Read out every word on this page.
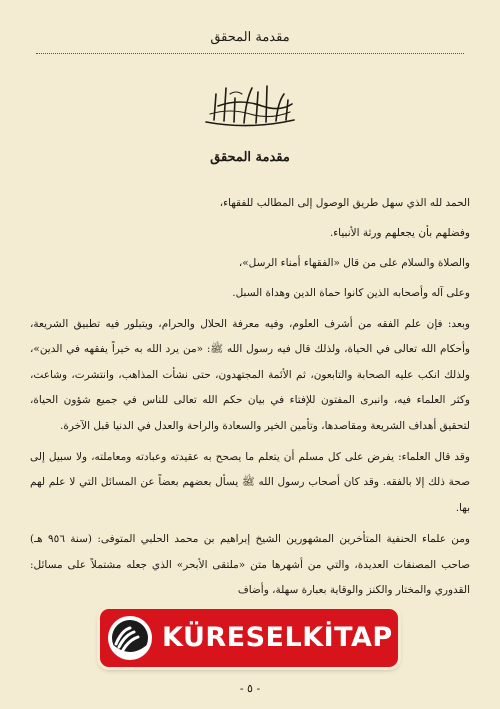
مقدمة المحقق
مقدمة المحقق

الحمد لله الذي سهل طريق الوصول إلى المطالب للفقهاء،

وفضلهم بأن يجعلهم ورثة الأنبياء.

والصلاة والسلام على من قال «الفقهاء أمناء الرسل»،

وعلى آله وأصحابه الذين كانوا حماة الدين وهداة السبل.

وبعد: فإن علم الفقه من أشرف العلوم، وفيه معرفة الحلال والحرام، ويتبلور فيه تطبيق الشريعة، وأحكام الله تعالى في الحياة، ولذلك قال فيه رسول الله ﷺ: «من يرد الله به خيراً يفقهه في الدين»، ولذلك انكب عليه الصحابة والتابعون، ثم الأئمة المجتهدون، حتى نشأت المذاهب، وانتشرت، وشاعت، وكثر العلماء فيه، وانبرى المفتون للإفتاء في بيان حكم الله تعالى للناس في جميع شؤون الحياة، لتحقيق أهداف الشريعة ومقاصدها، وتأمين الخير والسعادة والراحة والعدل في الدنيا قبل الآخرة.

وقد قال العلماء: يفرض على كل مسلم أن يتعلم ما يصحح به عقيدته وعبادته ومعاملته، ولا سبيل إلى صحة ذلك إلا بالفقه. وقد كان أصحاب رسول الله ﷺ يسأل بعضهم بعضاً عن المسائل التي لا علم لهم بها.

ومن علماء الحنفية المتأخرين المشهورين الشيخ إبراهيم بن محمد الحلبي المتوفى: (سنة ٩٥٦ هـ) صاحب المصنفات العديدة، والتي من أشهرها متن «ملتقى الأبحر» الذي جعله مشتملاً على مسائل: القدوري والمختار والكنز والوقاية بعبارة سهلة، وأضاف

KÜRESELKİTAP
- ٥ -
